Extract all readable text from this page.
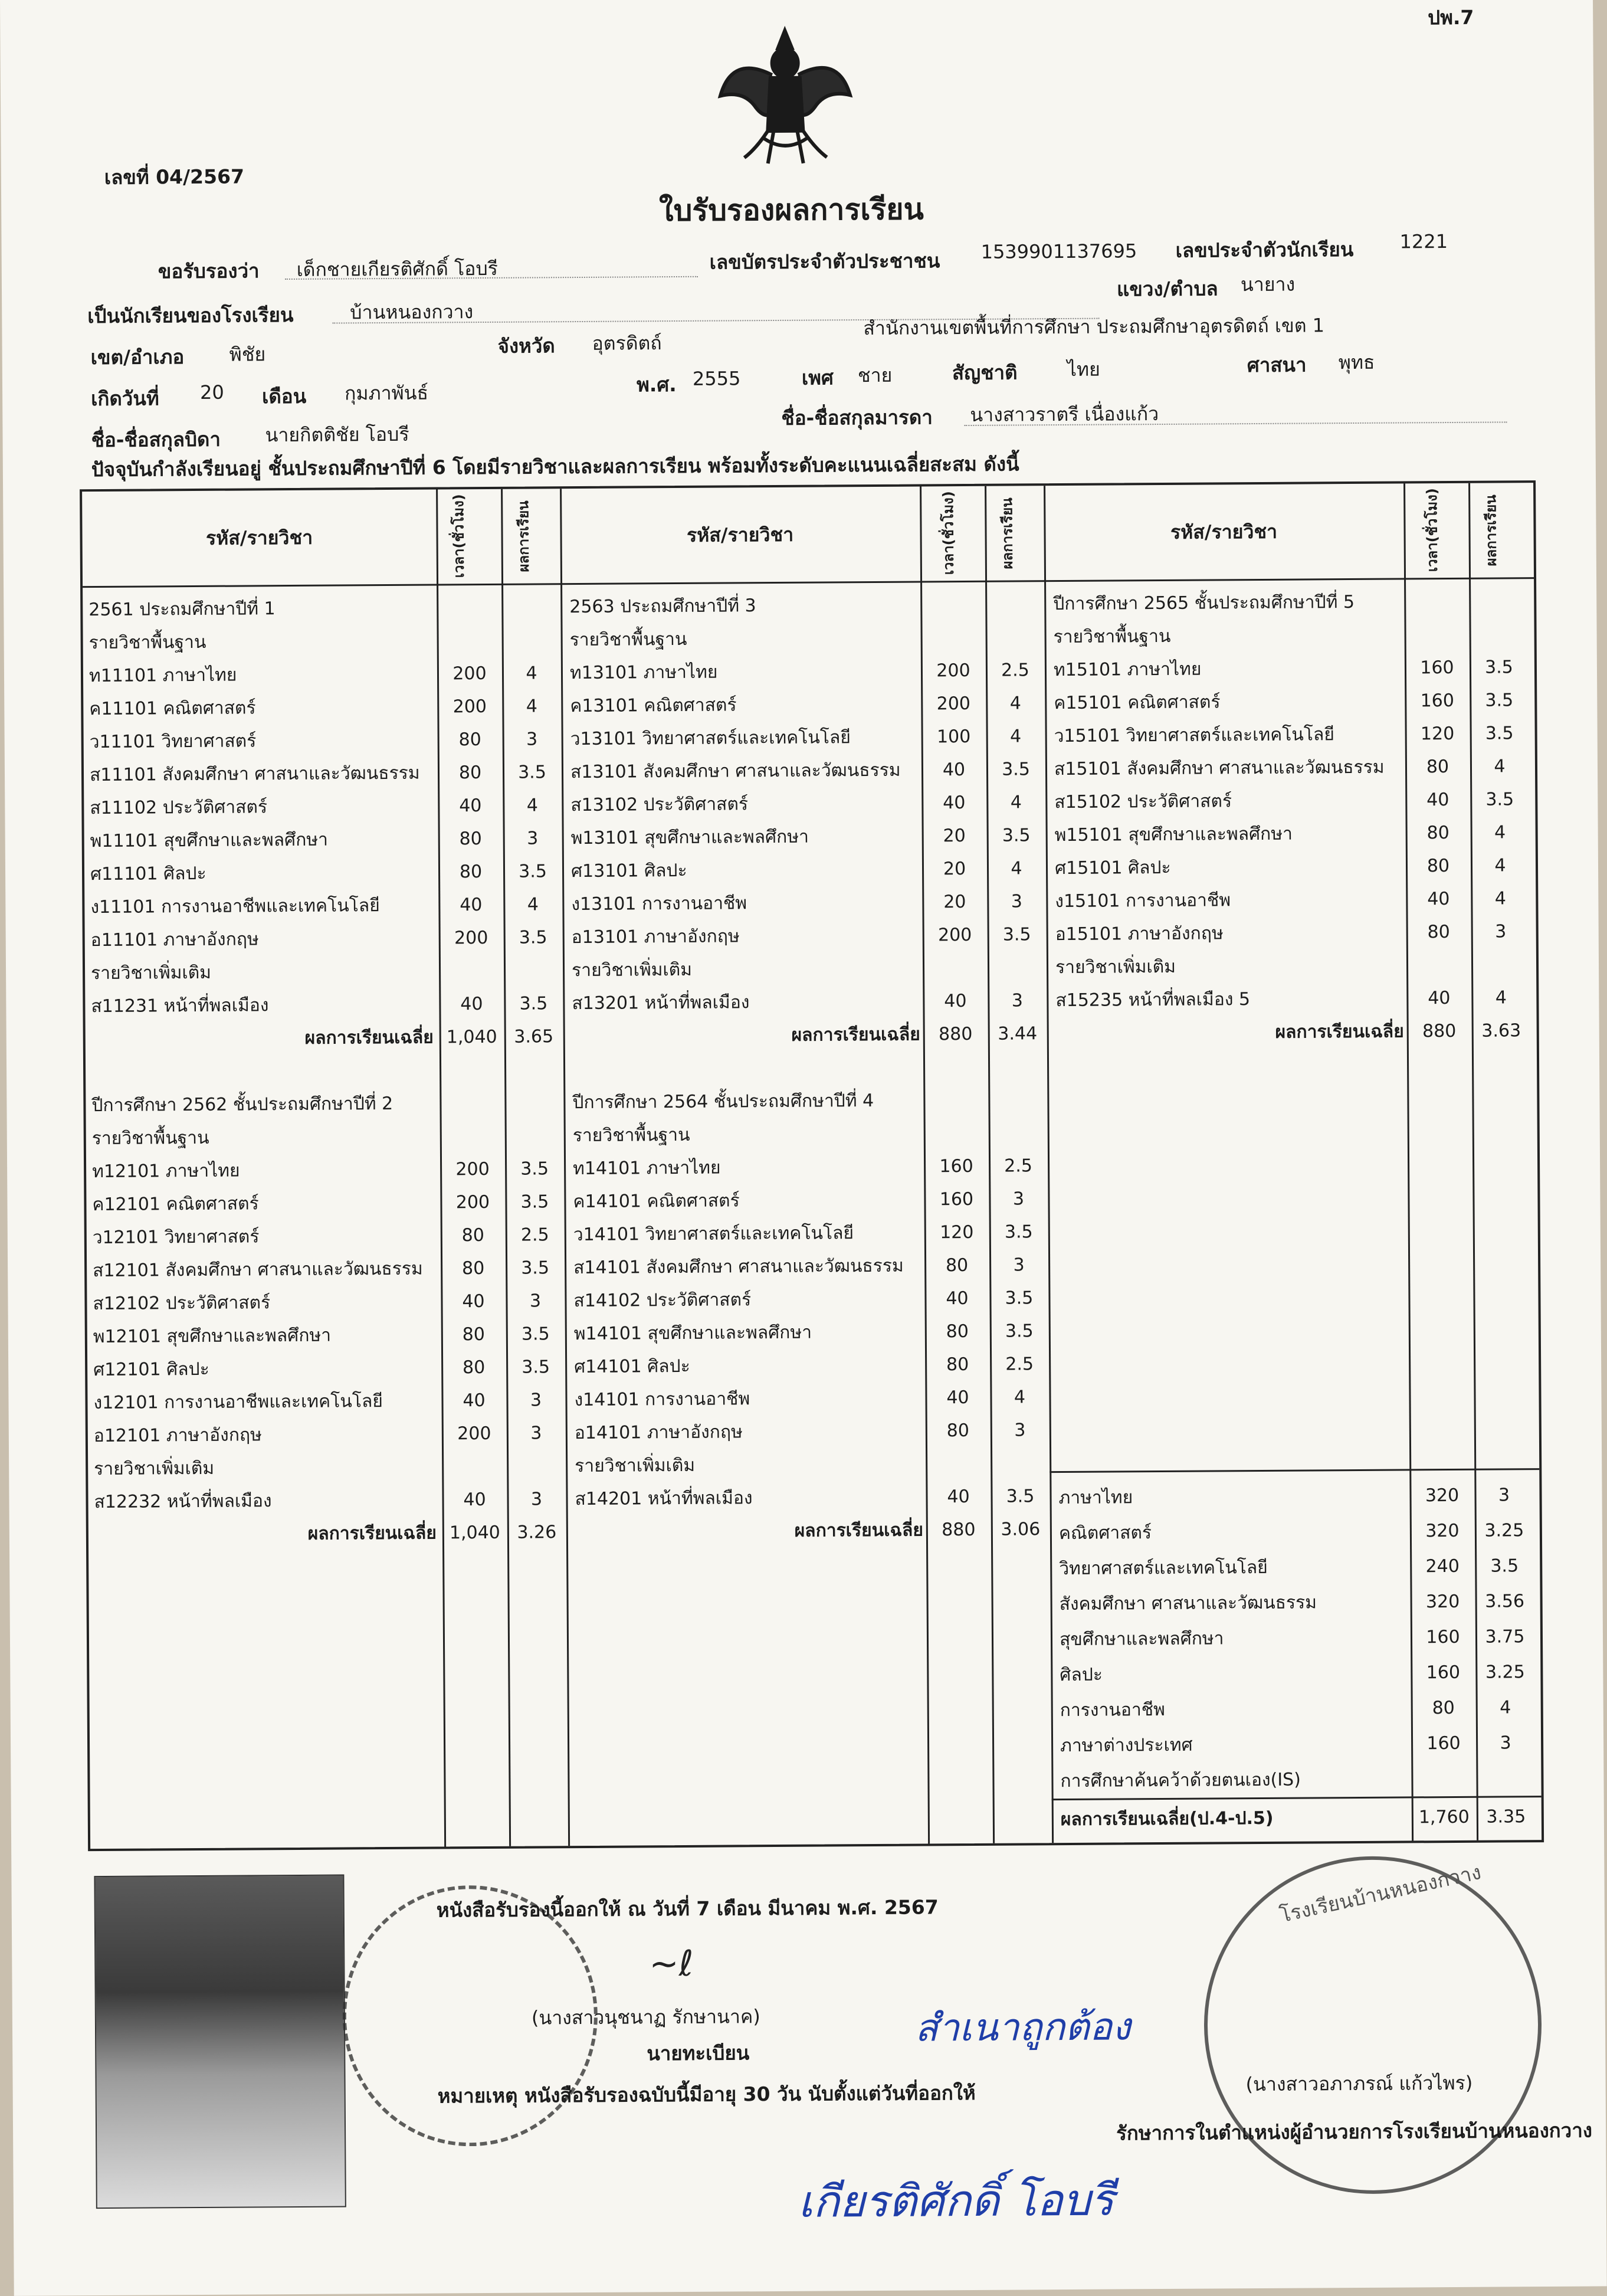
ปพ.7
เลขที่ 04/2567
ใบรับรองผลการเรียน
ขอรับรองว่า เด็กชายเกียรติศักดิ์ โอบรี	เลขบัตรประจำตัวประชาชน 1539901137695 เลขประจำตัวนักเรียน 1221
แขวง/ตำบล นายาง
เป็นนักเรียนของโรงเรียน	บ้านหนองกวาง
เขต/อำเภอ พิชัย	จังหวัด อุตรดิตถ์
สำนักงานเขตพื้นที่การศึกษา ประถมศึกษาอุตรดิตถ์ เขต 1
เกิดวันที่ 20 เดือน กุมภาพันธ์	พ.ศ. 2555	เพศ ชาย	สัญชาติ	ไทย	ศาสนา พุทธ
ชื่อ-ชื่อสกุลบิดา นายกิตติชัย โอบรี
ชื่อ-ชื่อสกุลมารดา นางสาวราตรี เนื่องแก้ว
ปัจจุบันกำลังเรียนอยู่ ชั้นประถมศึกษาปีที่ 6 โดยมีรายวิชาและผลการเรียน พร้อมทั้งระดับคะแนนเฉลี่ยสะสม ดังนี้
รหัส/รายวิชา	เวลา(ชั่วโมง)	ผลการเรียน	รหัส/รายวิชา	เวลา(ชั่วโมง)	ผลการเรียน	รหัส/รายวิชา	เวลา(ชั่วโมง)	ผลการเรียน
2561 ประถมศึกษาปีที่ 1
รายวิชาพื้นฐาน
ท11101 ภาษาไทย	200	4
ค11101 คณิตศาสตร์	200	4
ว11101 วิทยาศาสตร์	80	3
ส11101 สังคมศึกษา ศาสนาและวัฒนธรรม	80	3.5
ส11102 ประวัติศาสตร์	40	4
พ11101 สุขศึกษาและพลศึกษา	80	3
ศ11101 ศิลปะ	80	3.5
ง11101 การงานอาชีพและเทคโนโลยี	40	4
อ11101 ภาษาอังกฤษ	200	3.5
รายวิชาเพิ่มเติม
ส11231 หน้าที่พลเมือง	40	3.5
ผลการเรียนเฉลี่ย 1,040 3.65
ปีการศึกษา 2562 ชั้นประถมศึกษาปีที่ 2
รายวิชาพื้นฐาน
ท12101 ภาษาไทย	200	3.5
ค12101 คณิตศาสตร์	200	3.5
ว12101 วิทยาศาสตร์	80	2.5
ส12101 สังคมศึกษา ศาสนาและวัฒนธรรม	80	3.5
ส12102 ประวัติศาสตร์	40	3
พ12101 สุขศึกษาและพลศึกษา	80	3.5
ศ12101 ศิลปะ	80	3.5
ง12101 การงานอาชีพและเทคโนโลยี	40	3
อ12101 ภาษาอังกฤษ	200	3
รายวิชาเพิ่มเติม
ส12232 หน้าที่พลเมือง	40	3
ผลการเรียนเฉลี่ย 1,040 3.26
2563 ประถมศึกษาปีที่ 3
รายวิชาพื้นฐาน
ท13101 ภาษาไทย	200	2.5
ค13101 คณิตศาสตร์	200	4
ว13101 วิทยาศาสตร์และเทคโนโลยี	100	4
ส13101 สังคมศึกษา ศาสนาและวัฒนธรรม	40	3.5
ส13102 ประวัติศาสตร์	40	4
พ13101 สุขศึกษาและพลศึกษา	20	3.5
ศ13101 ศิลปะ	20	4
ง13101 การงานอาชีพ	20	3
อ13101 ภาษาอังกฤษ	200	3.5
รายวิชาเพิ่มเติม
ส13201 หน้าที่พลเมือง	40	3
ผลการเรียนเฉลี่ย	880	3.44
ปีการศึกษา 2564 ชั้นประถมศึกษาปีที่ 4
รายวิชาพื้นฐาน
ท14101 ภาษาไทย	160	2.5
ค14101 คณิตศาสตร์	160	3
ว14101 วิทยาศาสตร์และเทคโนโลยี	120	3.5
ส14101 สังคมศึกษา ศาสนาและวัฒนธรรม	80	3
ส14102 ประวัติศาสตร์	40	3.5
พ14101 สุขศึกษาและพลศึกษา	80	3.5
ศ14101 ศิลปะ	80	2.5
ง14101 การงานอาชีพ	40	4
อ14101 ภาษาอังกฤษ	80	3
รายวิชาเพิ่มเติม
ส14201 หน้าที่พลเมือง	40	3.5
ผลการเรียนเฉลี่ย	880	3.06
ปีการศึกษา 2565 ชั้นประถมศึกษาปีที่ 5
รายวิชาพื้นฐาน
ท15101 ภาษาไทย	160	3.5
ค15101 คณิตศาสตร์	160	3.5
ว15101 วิทยาศาสตร์และเทคโนโลยี	120	3.5
ส15101 สังคมศึกษา ศาสนาและวัฒนธรรม	80	4
ส15102 ประวัติศาสตร์	40	3.5
พ15101 สุขศึกษาและพลศึกษา	80	4
ศ15101 ศิลปะ	80	4
ง15101 การงานอาชีพ	40	4
อ15101 ภาษาอังกฤษ	80	3
รายวิชาเพิ่มเติม
ส15235 หน้าที่พลเมือง 5	40	4
ผลการเรียนเฉลี่ย	880	3.63
ภาษาไทย	320	3
คณิตศาสตร์	320	3.25
วิทยาศาสตร์และเทคโนโลยี	240	3.5
สังคมศึกษา ศาสนาและวัฒนธรรม	320	3.56
สุขศึกษาและพลศึกษา	160	3.75
ศิลปะ	160	3.25
การงานอาชีพ	80	4
ภาษาต่างประเทศ	160	3
การศึกษาค้นคว้าด้วยตนเอง(IS)
ผลการเรียนเฉลี่ย(ป.4-ป.5)	1,760 3.35
โรงเรียนบ้านหนองกวาง
หนังสือรับรองนี้ออกให้ ณ วันที่ 7 เดือน มีนาคม พ.ศ. 2567
~ℓ
(นางสาวนุชนาฏ รักษานาค)
นายทะเบียน
หมายเหตุ หนังสือรับรองฉบับนี้มีอายุ 30 วัน นับตั้งแต่วันที่ออกให้
สำเนาถูกต้อง
เกียรติศักดิ์ โอบรี
(นางสาวอภาภรณ์ แก้วไพร)
รักษาการในตำแหน่งผู้อำนวยการโรงเรียนบ้านหนองกวาง
